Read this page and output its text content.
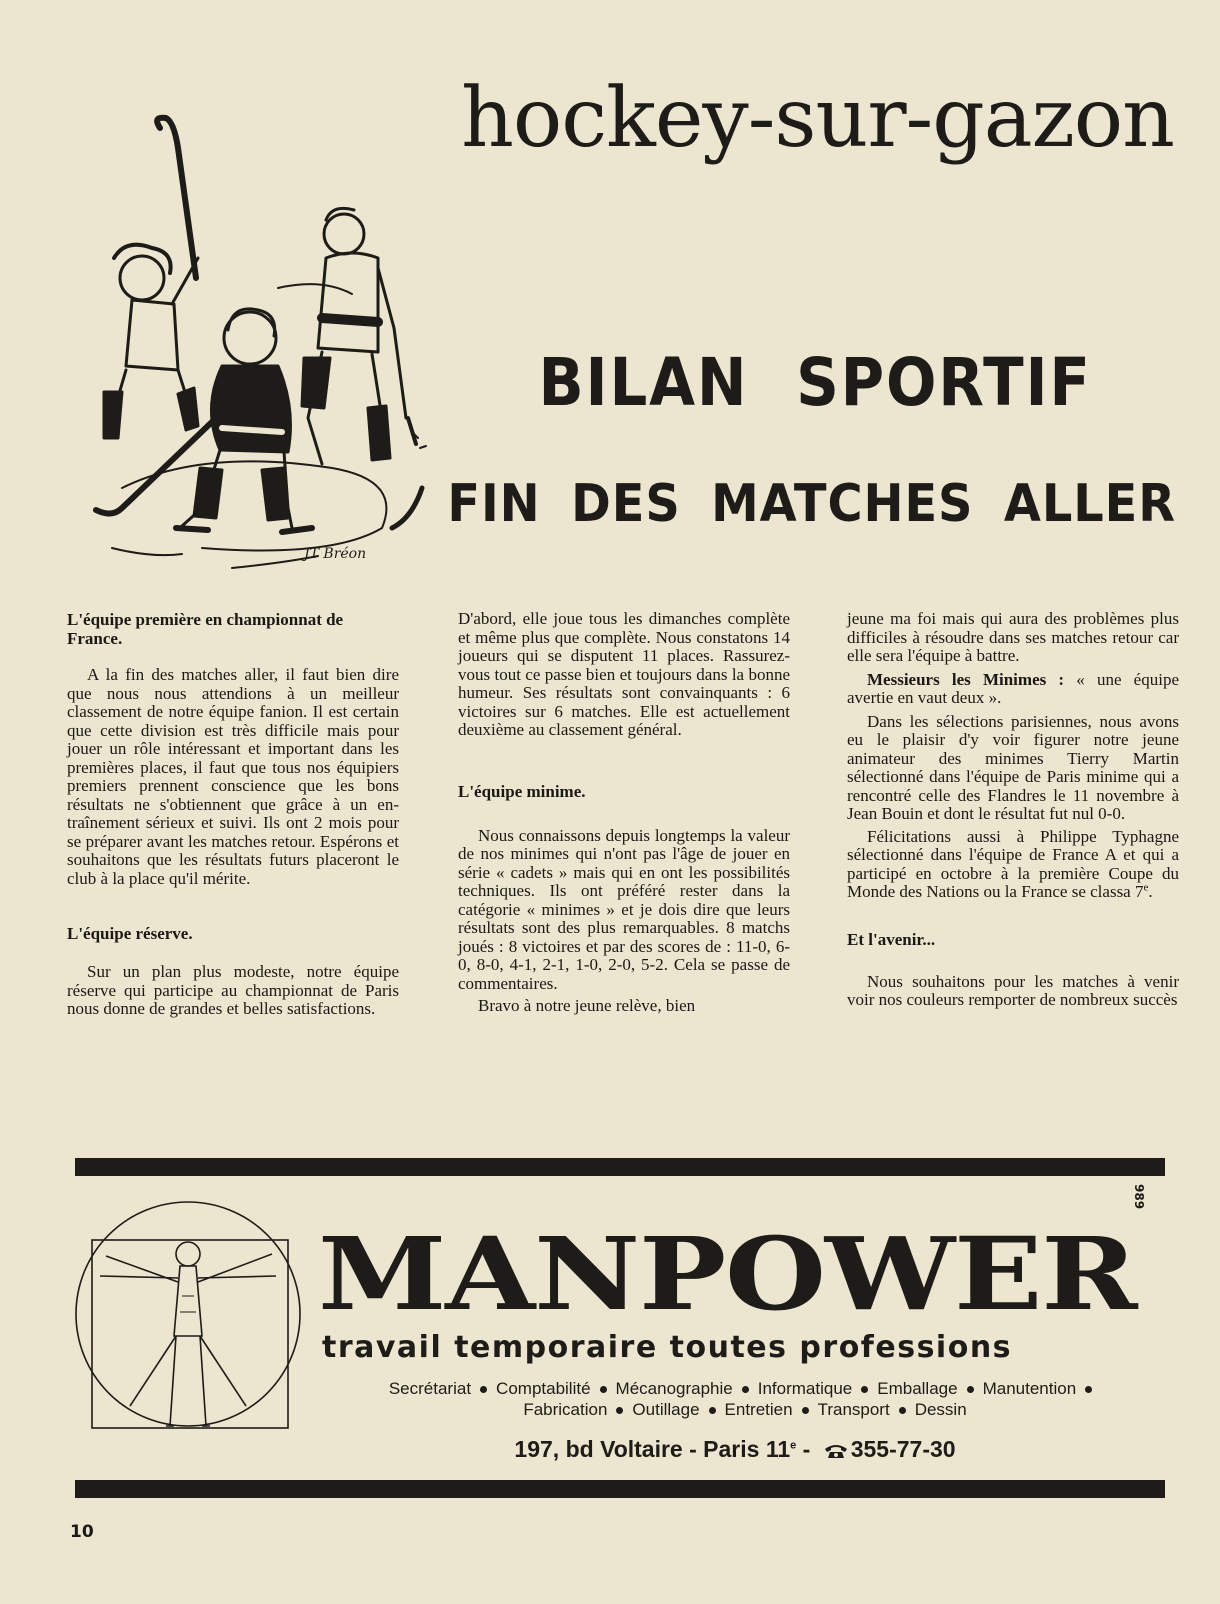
hockey-sur-gazon
JT Bréon
BILAN SPORTIF
FIN DES MATCHES ALLER
L'équipe première en championnat de France.

A la fin des matches aller, il faut bien dire que nous nous attendions à un meilleur classement de notre équipe fanion. Il est certain que cette division est très difficile mais pour jouer un rôle intéressant et important dans les premières places, il faut que tous nos équipiers premiers prennent conscience que les bons résultats ne s'obtiennent que grâce à un entraînement sérieux et suivi. Ils ont 2 mois pour se préparer avant les matches retour. Espérons et souhaitons que les résultats futurs placeront le club à la place qu'il mérite.

L'équipe réserve.

Sur un plan plus modeste, notre équipe réserve qui participe au championnat de Paris nous donne de grandes et belles satisfactions.

D'abord, elle joue tous les dimanches complète et même plus que complète. Nous constatons 14 joueurs qui se disputent 11 places. Rassurez-vous tout ce passe bien et toujours dans la bonne humeur. Ses résultats sont convainquants : 6 victoires sur 6 matches. Elle est actuellement deuxième au classement général.

L'équipe minime.

Nous connaissons depuis longtemps la valeur de nos minimes qui n'ont pas l'âge de jouer en série « cadets » mais qui en ont les possibilités techniques. Ils ont préféré rester dans la catégorie « minimes » et je dois dire que leurs résultats sont des plus remarquables. 8 matchs joués : 8 victoires et par des scores de : 11-0, 6-0, 8-0, 4-1, 2-1, 1-0, 2-0, 5-2. Cela se passe de commentaires.

Bravo à notre jeune relève, bien

jeune ma foi mais qui aura des problèmes plus difficiles à résoudre dans ses matches retour car elle sera l'équipe à battre.

Messieurs les Minimes : « une équipe avertie en vaut deux ».

Dans les sélections parisiennes, nous avons eu le plaisir d'y voir figurer notre jeune animateur des minimes Tierry Martin sélectionné dans l'équipe de Paris minime qui a rencontré celle des Flandres le 11 novembre à Jean Bouin et dont le résultat fut nul 0-0.

Félicitations aussi à Philippe Typhagne sélectionné dans l'équipe de France A et qui a participé en octobre à la première Coupe du Monde des Nations ou la France se classa 7e.

Et l'avenir...

Nous souhaitons pour les matches à venir voir nos couleurs remporter de nombreux succès

989

MANPOWER

travail temporaire toutes professions

Secrétariat Comptabilité Mécanographie Informatique Emballage Manutention
Fabrication Outillage Entretien Transport Dessin

197, bd Voltaire - Paris 11e - 355-77-30

10
